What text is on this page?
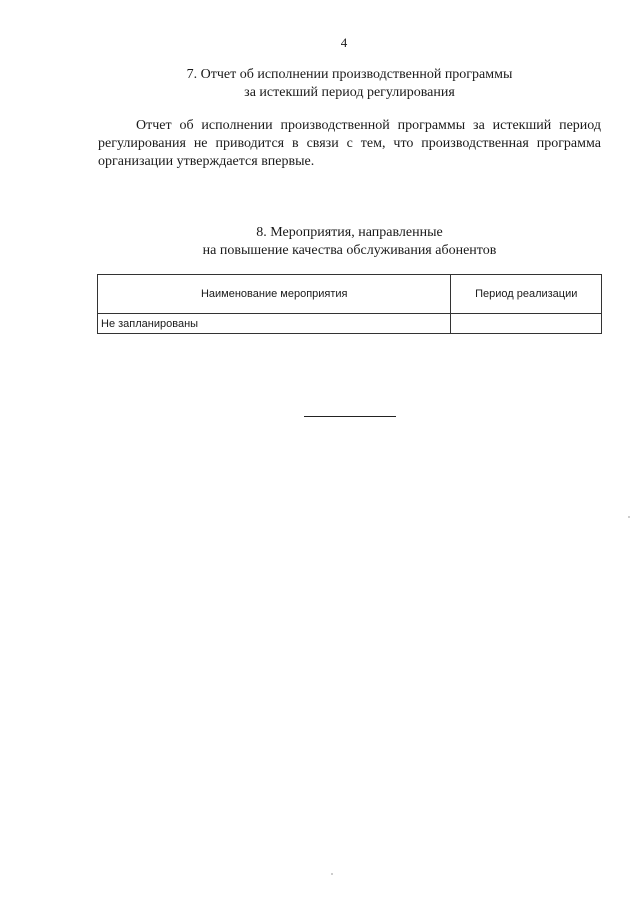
4
7. Отчет об исполнении производственной программы
за истекший период регулирования
Отчет об исполнении производственной программы за истекший период регулирования не приводится в связи с тем, что производственная программа организации утверждается впервые.
8. Мероприятия, направленные
на повышение качества обслуживания абонентов
Наименование мероприятия	Период реализации
Не запланированы	
